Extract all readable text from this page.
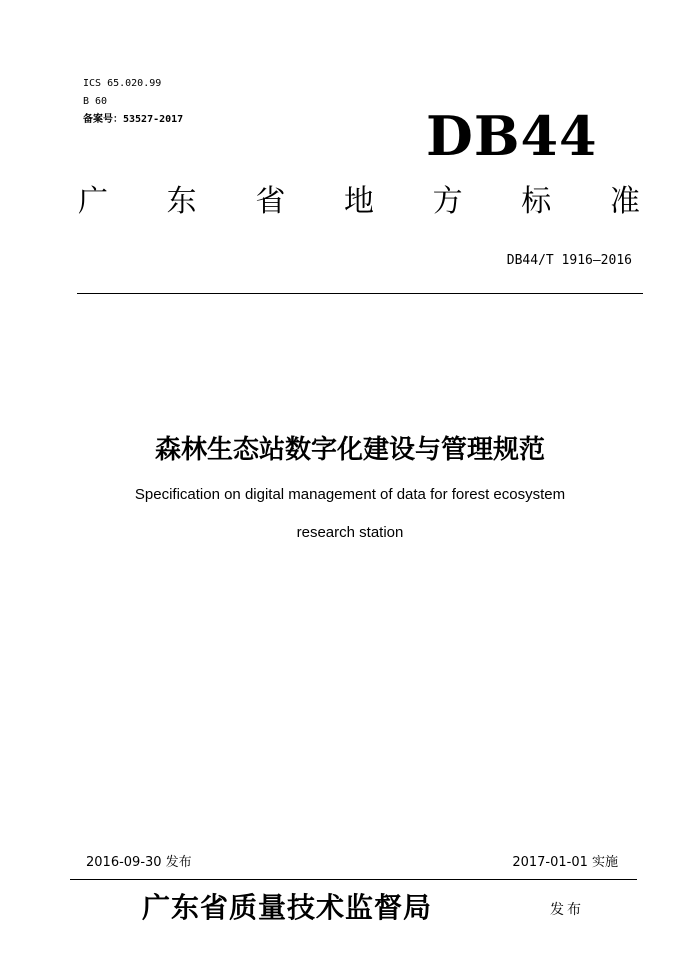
ICS 65.020.99
B 60
备案号：53527-2017	DB44
广 东 省 地 方 标 准
DB44/T 1916—2016
森林生态站数字化建设与管理规范
Specification on digital management of data for forest ecosystem
research station
2016-09-30 发布	2017-01-01 实施
广东省质量技术监督局	发布
